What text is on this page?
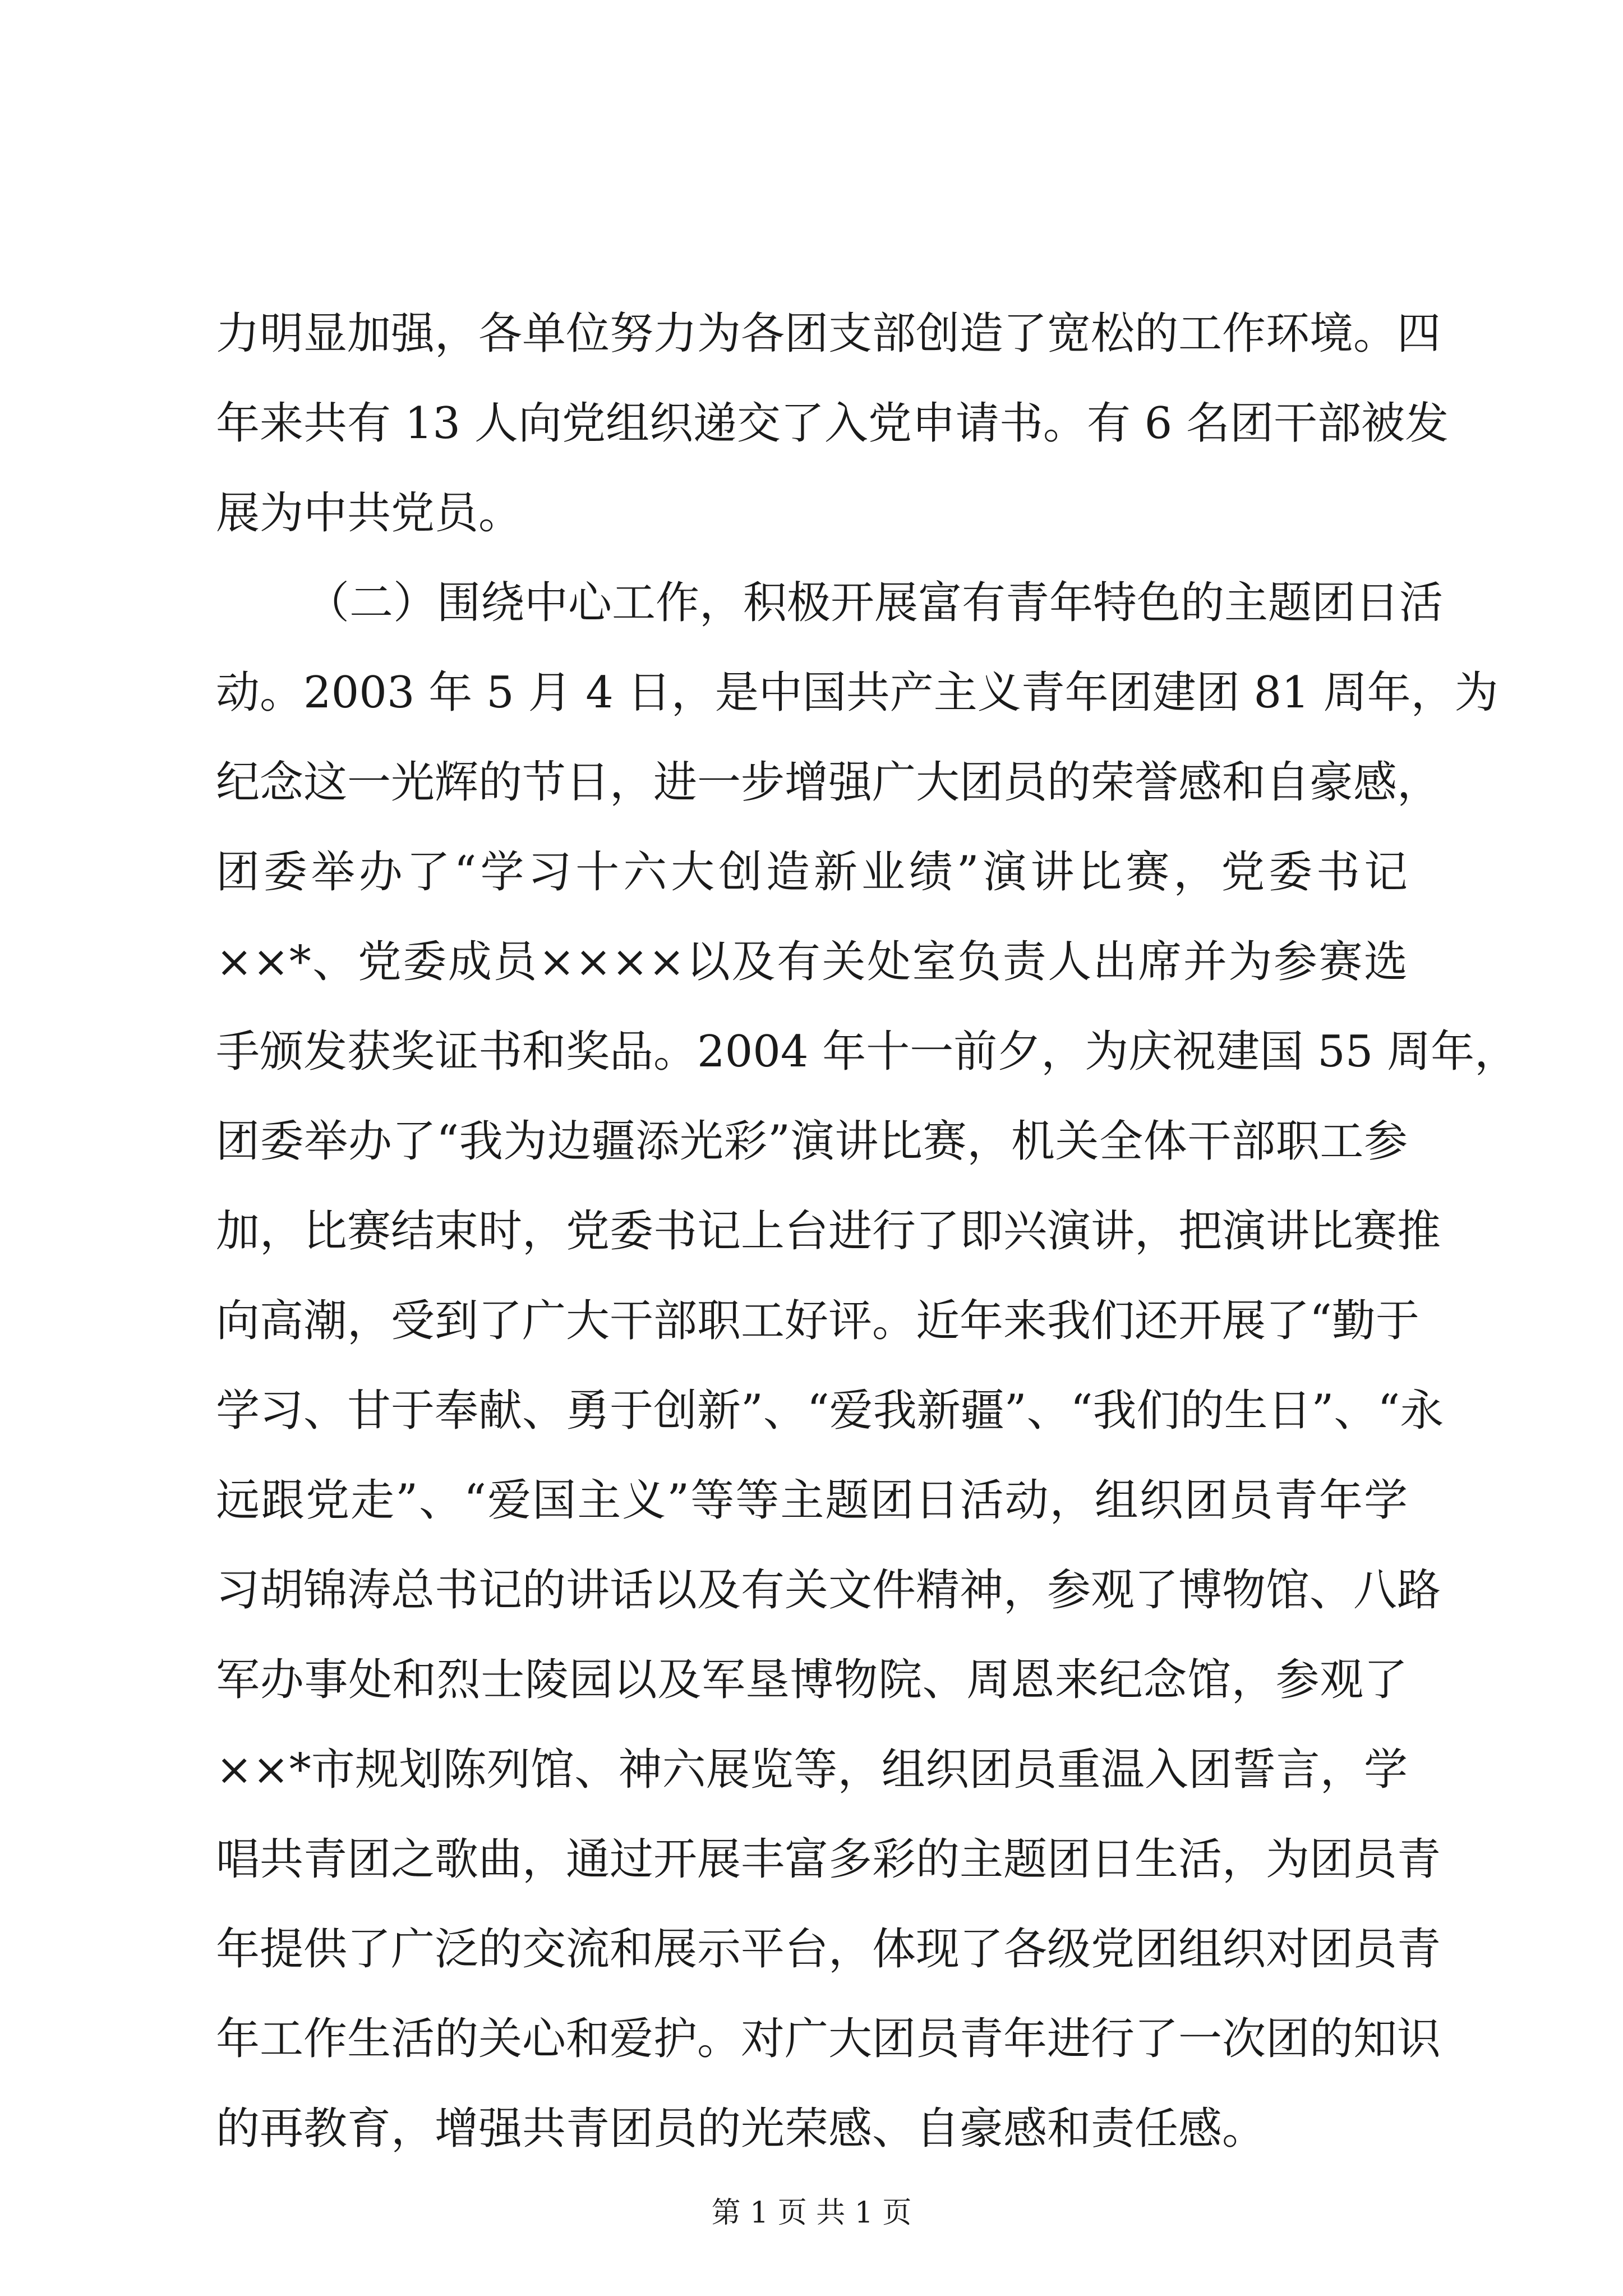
力明显加强，各单位努力为各团支部创造了宽松的工作环境。四
年来共有 13 人向党组织递交了入党申请书。有 6 名团干部被发
展为中共党员。
（二）围绕中心工作，积极开展富有青年特色的主题团日活
动。2003 年 5 月 4 日，是中国共产主义青年团建团 81 周年，为
纪念这一光辉的节日，进一步增强广大团员的荣誉感和自豪感，
团委举办了“学习十六大创造新业绩”演讲比赛，党委书记
××*、党委成员××××以及有关处室负责人出席并为参赛选
手颁发获奖证书和奖品。2004 年十一前夕，为庆祝建国 55 周年，
团委举办了“我为边疆添光彩”演讲比赛，机关全体干部职工参
加，比赛结束时，党委书记上台进行了即兴演讲，把演讲比赛推
向高潮，受到了广大干部职工好评。近年来我们还开展了“勤于
学习、甘于奉献、勇于创新”、“爱我新疆”、“我们的生日”、“永
远跟党走”、“爱国主义”等等主题团日活动，组织团员青年学
习胡锦涛总书记的讲话以及有关文件精神，参观了博物馆、八路
军办事处和烈士陵园以及军垦博物院、周恩来纪念馆，参观了
××*市规划陈列馆、神六展览等，组织团员重温入团誓言，学
唱共青团之歌曲，通过开展丰富多彩的主题团日生活，为团员青
年提供了广泛的交流和展示平台，体现了各级党团组织对团员青
年工作生活的关心和爱护。对广大团员青年进行了一次团的知识
的再教育，增强共青团员的光荣感、自豪感和责任感。
第 1 页 共 1 页
